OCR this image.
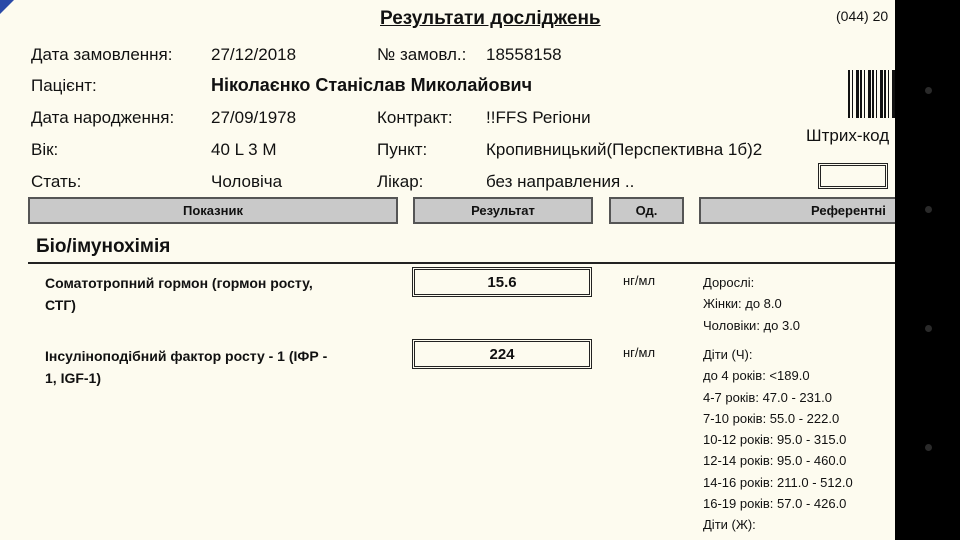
Результати досліджень	(044) 20
Дата замовлення: 27/12/2018	№ замовл.: 18558158
Пацієнт:	Ніколаєнко Станіслав Миколайович
Дата народження: 27/09/1978	Контракт: !!FFS Регіони
Вік:	40 L 3 M	Пункт:	Кропивницький(Перспективна 1б)2
Стать:	Чоловіча	Лікар:	без направления ..
Штрих-код
Показник	Результат	Од.	Референтні
Біо/імунохімія
Соматотропний гормон (гормон росту,
СТГ)
15.6	нг/мл	Дорослі:
Жінки: до 8.0
Чоловіки: до 3.0
Інсуліноподібний фактор росту - 1 (ІФР -
1, IGF-1)
224	нг/мл	Діти (Ч):
до 4 років: <189.0
4-7 років: 47.0 - 231.0
7-10 років: 55.0 - 222.0
10-12 років: 95.0 - 315.0
12-14 років: 95.0 - 460.0
14-16 років: 211.0 - 512.0
16-19 років: 57.0 - 426.0
Діти (Ж):
